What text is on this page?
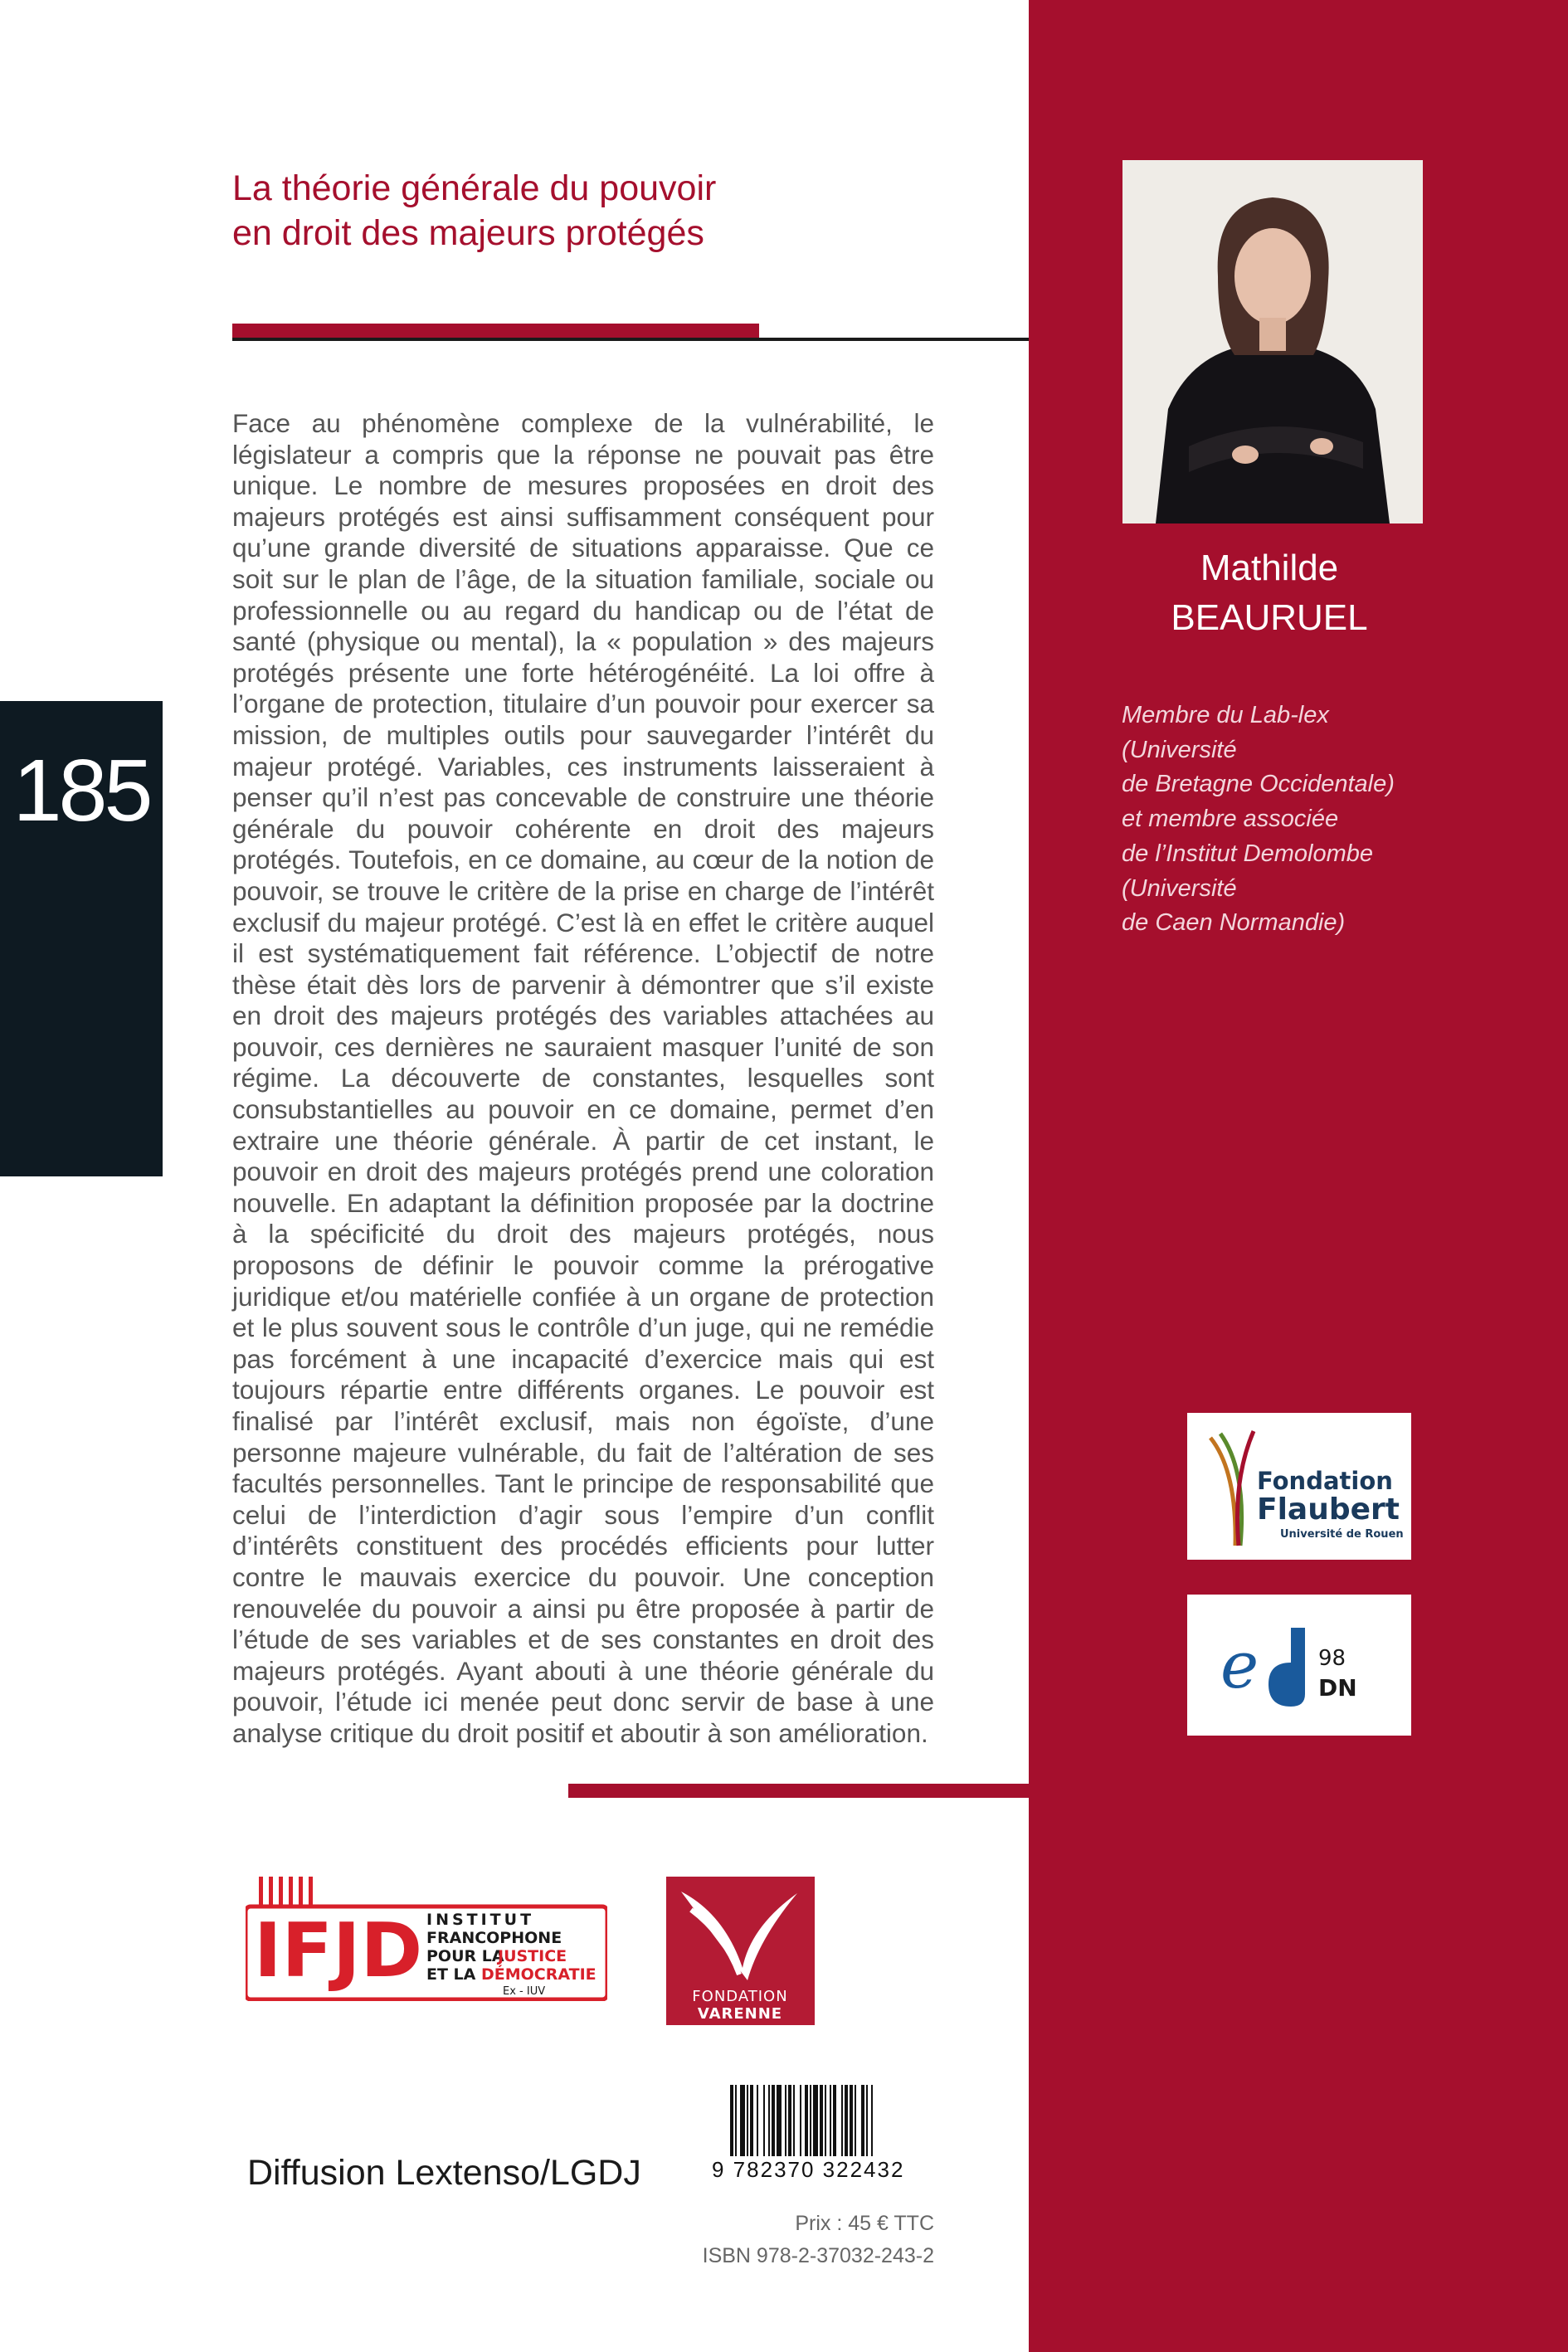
185
La théorie générale du pouvoir
en droit des majeurs protégés

Face au phénomène complexe de la vulnérabilité, le législateur a compris que la réponse ne pouvait pas être unique. Le nombre de mesures proposées en droit des majeurs protégés est ainsi suffisamment conséquent pour qu’une grande diversité de situations apparaisse. Que ce soit sur le plan de l’âge, de la situation familiale, sociale ou professionnelle ou au regard du handicap ou de l’état de santé (physique ou mental), la « population » des majeurs protégés présente une forte hétérogénéité. La loi offre à l’organe de protection, titulaire d’un pouvoir pour exercer sa mission, de multiples outils pour sauvegarder l’intérêt du majeur protégé. Variables, ces instruments laisseraient à penser qu’il n’est pas concevable de construire une théorie générale du pouvoir cohérente en droit des majeurs protégés. Toutefois, en ce domaine, au cœur de la notion de pouvoir, se trouve le critère de la prise en charge de l’intérêt exclusif du majeur protégé. C’est là en effet le critère auquel il est systématiquement fait référence. L’objectif de notre thèse était dès lors de parvenir à démontrer que s’il existe en droit des majeurs protégés des variables attachées au pouvoir, ces dernières ne sauraient masquer l’unité de son régime. La découverte de constantes, lesquelles sont consubstantielles au pouvoir en ce domaine, permet d’en extraire une théorie générale. À partir de cet instant, le pouvoir en droit des majeurs protégés prend une coloration nouvelle. En adaptant la définition proposée par la doctrine à la spécificité du droit des majeurs protégés, nous proposons de définir le pouvoir comme la prérogative juridique et/ou matérielle confiée à un organe de protection et le plus souvent sous le contrôle d’un juge, qui ne remédie pas forcément à une incapacité d’exercice mais qui est toujours répartie entre différents organes. Le pouvoir est finalisé par l’intérêt exclusif, mais non égoïste, d’une personne majeure vulnérable, du fait de l’altération de ses facultés personnelles. Tant le principe de responsabilité que celui de l’interdiction d’agir sous l’empire d’un conflit d’intérêts constituent des procédés efficients pour lutter contre le mauvais exercice du pouvoir. Une conception renouvelée du pouvoir a ainsi pu être proposée à partir de l’étude de ses variables et de ses constantes en droit des majeurs protégés. Ayant abouti à une théorie générale du pouvoir, l’étude ici menée peut donc servir de base à une analyse critique du droit positif et aboutir à son amélioration.

Mathilde
BEAURUEL
Membre du Lab-lex
(Université
de Bretagne Occidentale)
et membre associée
de l’Institut Demolombe
(Université
de Caen Normandie)
Fondation
Flaubert
Université de Rouen
e	98
DN
IFJD INSTITUT
FRANCOPHONE
POUR LA
JUSTICE
ET LA DÉMOCRATIE
Ex - IUV	FONDATION
VARENNE
Diffusion Lextenso/LGDJ	9 782370 322432
Prix : 45 € TTC
ISBN 978-2-37032-243-2
